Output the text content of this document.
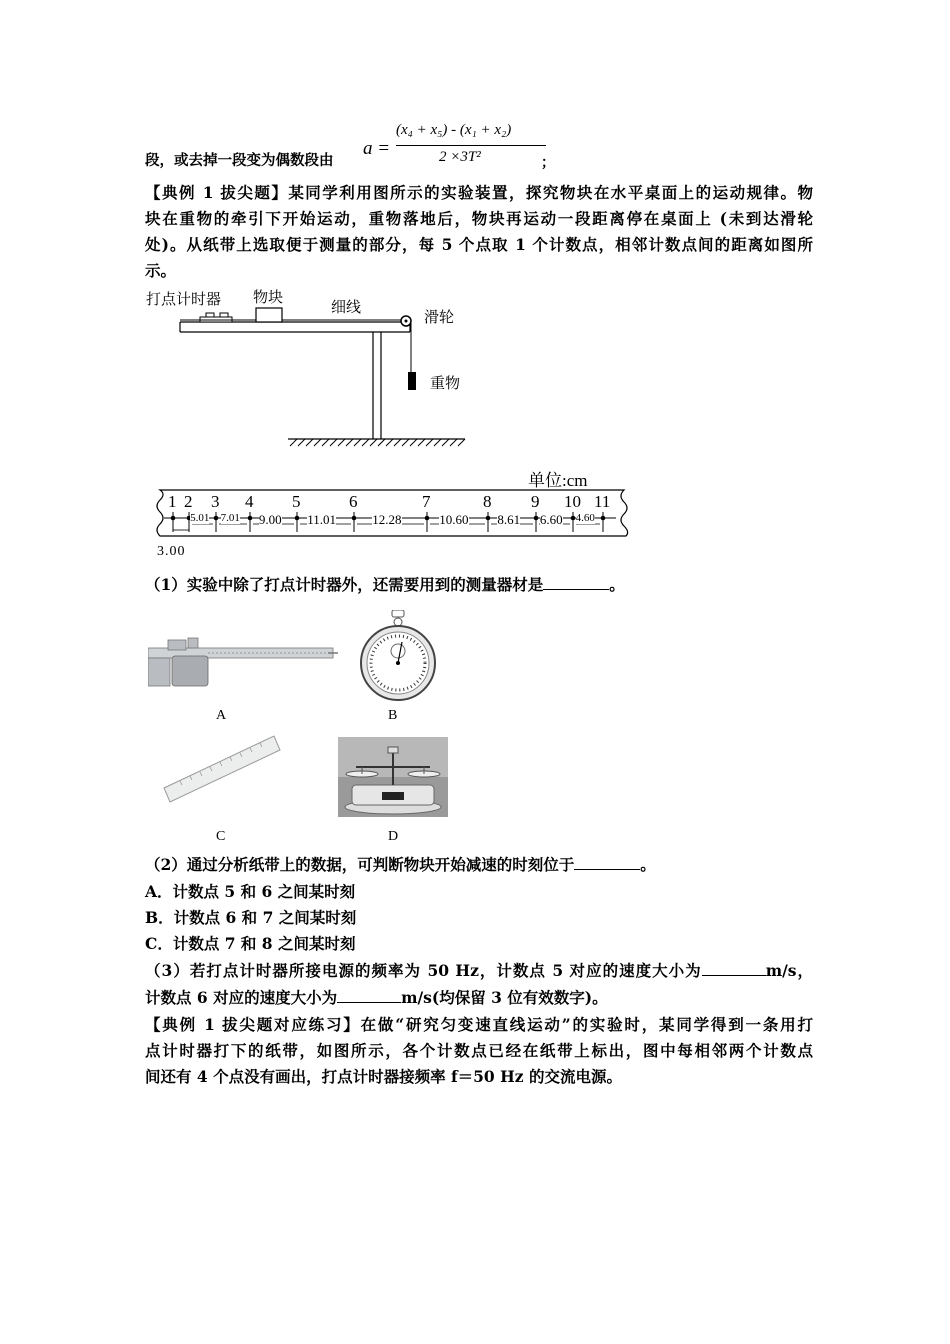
段，或去掉一段变为偶数段由
a =
(x₄ + x₅) - (x₁ + x₂)
2 ×3T²	；
【典例 1 拔尖题】某同学利用图所示的实验装置，探究物块在水平桌面上的运动规律。物
块在重物的牵引下开始运动，重物落地后，物块再运动一段距离停在桌面上 (未到达滑轮
处)。从纸带上选取便于测量的部分，每 5 个点取 1 个计数点，相邻计数点间的距离如图所
示。
打点计时器 物块
细线
滑轮
重物
单位:cm
3.00
1 2 3 4 5	6	7	8 9 10 11
5.01 7.01 9.00 11.01	12.28	10.60 8.61 6.60 4.60
（1）实验中除了打点计时器外，还需要用到的测量器材是	。
A	B
C	D
（2）通过分析纸带上的数据，可判断物块开始减速的时刻位于	。
A．计数点 5 和 6 之间某时刻
B．计数点 6 和 7 之间某时刻
C．计数点 7 和 8 之间某时刻
（3）若打点计时器所接电源的频率为 50 Hz，计数点 5 对应的速度大小为	m/s，
计数点 6 对应的速度大小为	m/s(均保留 3 位有效数字)。
【典例 1 拔尖题对应练习】在做“研究匀变速直线运动”的实验时，某同学得到一条用打
点计时器打下的纸带，如图所示，各个计数点已经在纸带上标出，图中每相邻两个计数点
间还有 4 个点没有画出，打点计时器接频率 f＝50 Hz 的交流电源。
